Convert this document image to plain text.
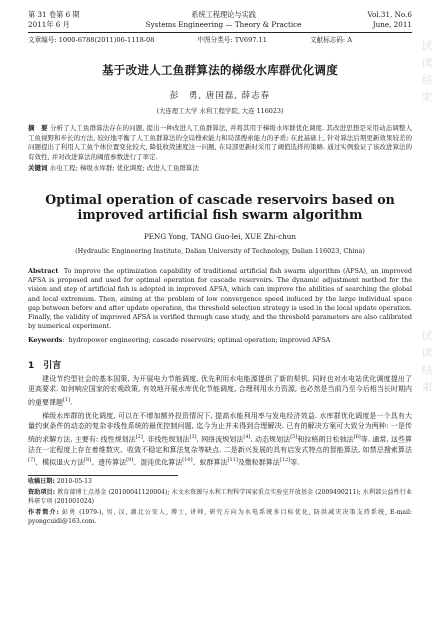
第 31 卷第 6 期
2011年 6 月
系统工程理论与实践
Systems Engineering — Theory & Practice
Vol.31, No.6
June, 2011
文章编号: 1000-6788(2011)06-1118-08	中图分类号: TV697.11	文献标志码: A
基于改进人工鱼群算法的梯级水库群优化调度
彭　勇, 唐国磊, 薛志春
(大连理工大学 水利工程学院, 大连 116023)
摘　要 分析了人工鱼群算法存在的问题, 提出一种改进人工鱼群算法, 并将其用于梯级水库群优化调度. 其改进思想是采用动态调整人工鱼视野和步长的方法, 较好地平衡了人工鱼群算法的全局搜索能力和局部搜索能力的矛盾; 在此基础上, 针对算法后期更新效果较差的问题提出了利用人工鱼个体位置变化较大, 降低收敛速度这一问题, 在局部更新时采用了阈值选择的策略. 通过实例验证了该改进算法的有效性, 并对改进算法的阈值参数进行了率定.
关键词 水电工程; 梯级水库群; 优化调度; 改进人工鱼群算法
Optimal operation of cascade reservoirs based on improved artificial fish swarm algorithm
PENG Yong, TANG Guo-lei, XUE Zhi-chun
(Hydraulic Engineering Institute, Dalian University of Technology, Dalian 116023, China)
Abstract To improve the optimization capability of traditional artificial fish swarm algorithm (AFSA), an improved AFSA is proposed and used for optimal operation for cascade reservoirs. The dynamic adjustment method for the vision and step of artificial fish is adopted in improved AFSA, which can improve the abilities of searching the global and local extremum. Then, aiming at the problem of low convergence speed induced by the large individual space gap between before and after update operation, the threshold selection strategy is used in the local update operation. Finally, the validity of improved AFSA is verified through case study, and the threshold parameters are also calibrated by numerical experiment.
Keywords:  hydropower engineering; cascade reservoirs; optimal operation; improved AFSA
1　引言

建设节约型社会的基本国策, 为开展电力节能调度, 优先利用水电能源提供了新的契机. 同时也对水电站优化调度提出了更高要求. 如何响应国家的宏观政策, 有效地开展水库优化节能调度, 合理利用水力资源, 也必然是当前乃至今后相当长时期内的重要课题[1].

梯级水库群的优化调度, 可以在不增加额外投资情况下, 提高水能利用率与发电经济效益. 水库群优化调度是一个具有大量约束条件的动态的复杂非线性系统的最优控制问题, 迄今为止并未得到合理解决. 已有的解决方案可大致分为两种: 一是传统的求解方法, 主要有: 线性规划法[2], 非线性规划法[3], 网络流规划法[4], 动态规划法[5]和拉格朗日松弛法[6]等. 通常, 这些算法在一定程度上存在着维数灾、收敛不稳定和算法复杂等缺点. 二是新兴发展的具有启发式特点的智能算法, 如禁忌搜索算法[7]、模拟退火方法[8]、遗传算法[9]、混沌优化算法[10]、蚁群算法[11]及微粒群算法[12]等.

收稿日期: 2010-05-13
资助项目: 教育部博士点基金 (20100041120004); 水文水资源与水利工程科学国家重点实验室开放基金 (2009490211); 水利部公益性行业科研专项 (201001024)
作者简介: 彭勇 (1979-), 男, 汉, 湖北公安人, 博士, 讲师, 研究方向为水电系统多目标优化, 防洪减灾决策支持系统, E-mail: pyongcuidi@163.com.
试读结束
试读结束
